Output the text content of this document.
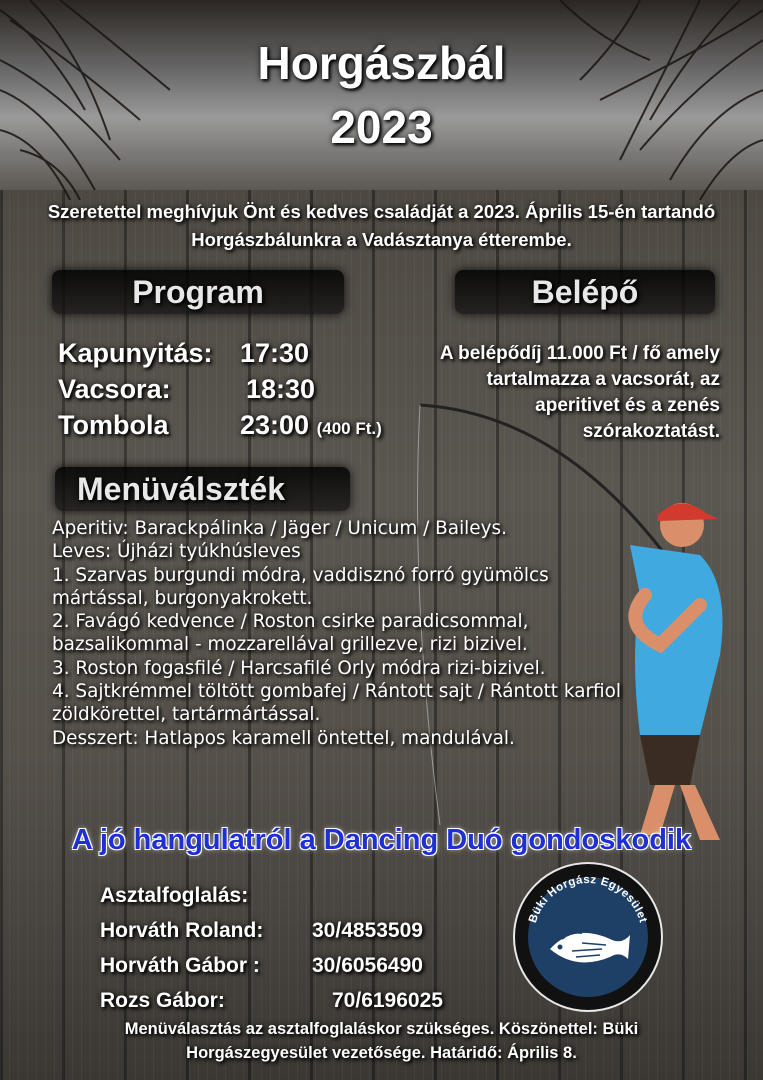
Horgászbál
2023
Szeretettel meghívjuk Önt és kedves családját a 2023. Április 15-én tartandó Horgászbálunkra a Vadásztanya étterembe.
Program	Belépő
Kapunyitás: 17:30
Vacsora:	18:30
Tombola	23:00 (400 Ft.)
A belépődíj 11.000 Ft / fő amely
tartalmazza a vacsorát, az
aperitivet és a zenés
szórakoztatást.
Menüválszték
Aperitiv: Barackpálinka / Jäger / Unicum / Baileys.
Leves: Újházi tyúkhúsleves
1. Szarvas burgundi módra, vaddisznó forró gyümölcs
mártással, burgonyakrokett.
2. Favágó kedvence / Roston csirke paradicsommal,
bazsalikommal - mozzarellával grillezve, rizi bizivel.
3. Roston fogasfilé / Harcsafilé Orly módra rizi-bizivel.
4. Sajtkrémmel töltött gombafej / Rántott sajt / Rántott karfiol
zöldkörettel, tartármártással.
Desszert: Hatlapos karamell öntettel, mandulával.
A jó hangulatról a Dancing Duó gondoskodik
Asztalfoglalás:
Horváth Roland: 30/4853509
Horváth Gábor : 30/6056490
Rozs Gábor:	70/6196025
Büki Horgász Egyesület
Menüválasztás az asztalfoglaláskor szükséges. Köszönettel: Büki
Horgászegyesület vezetősége. Határidő: Április 8.
